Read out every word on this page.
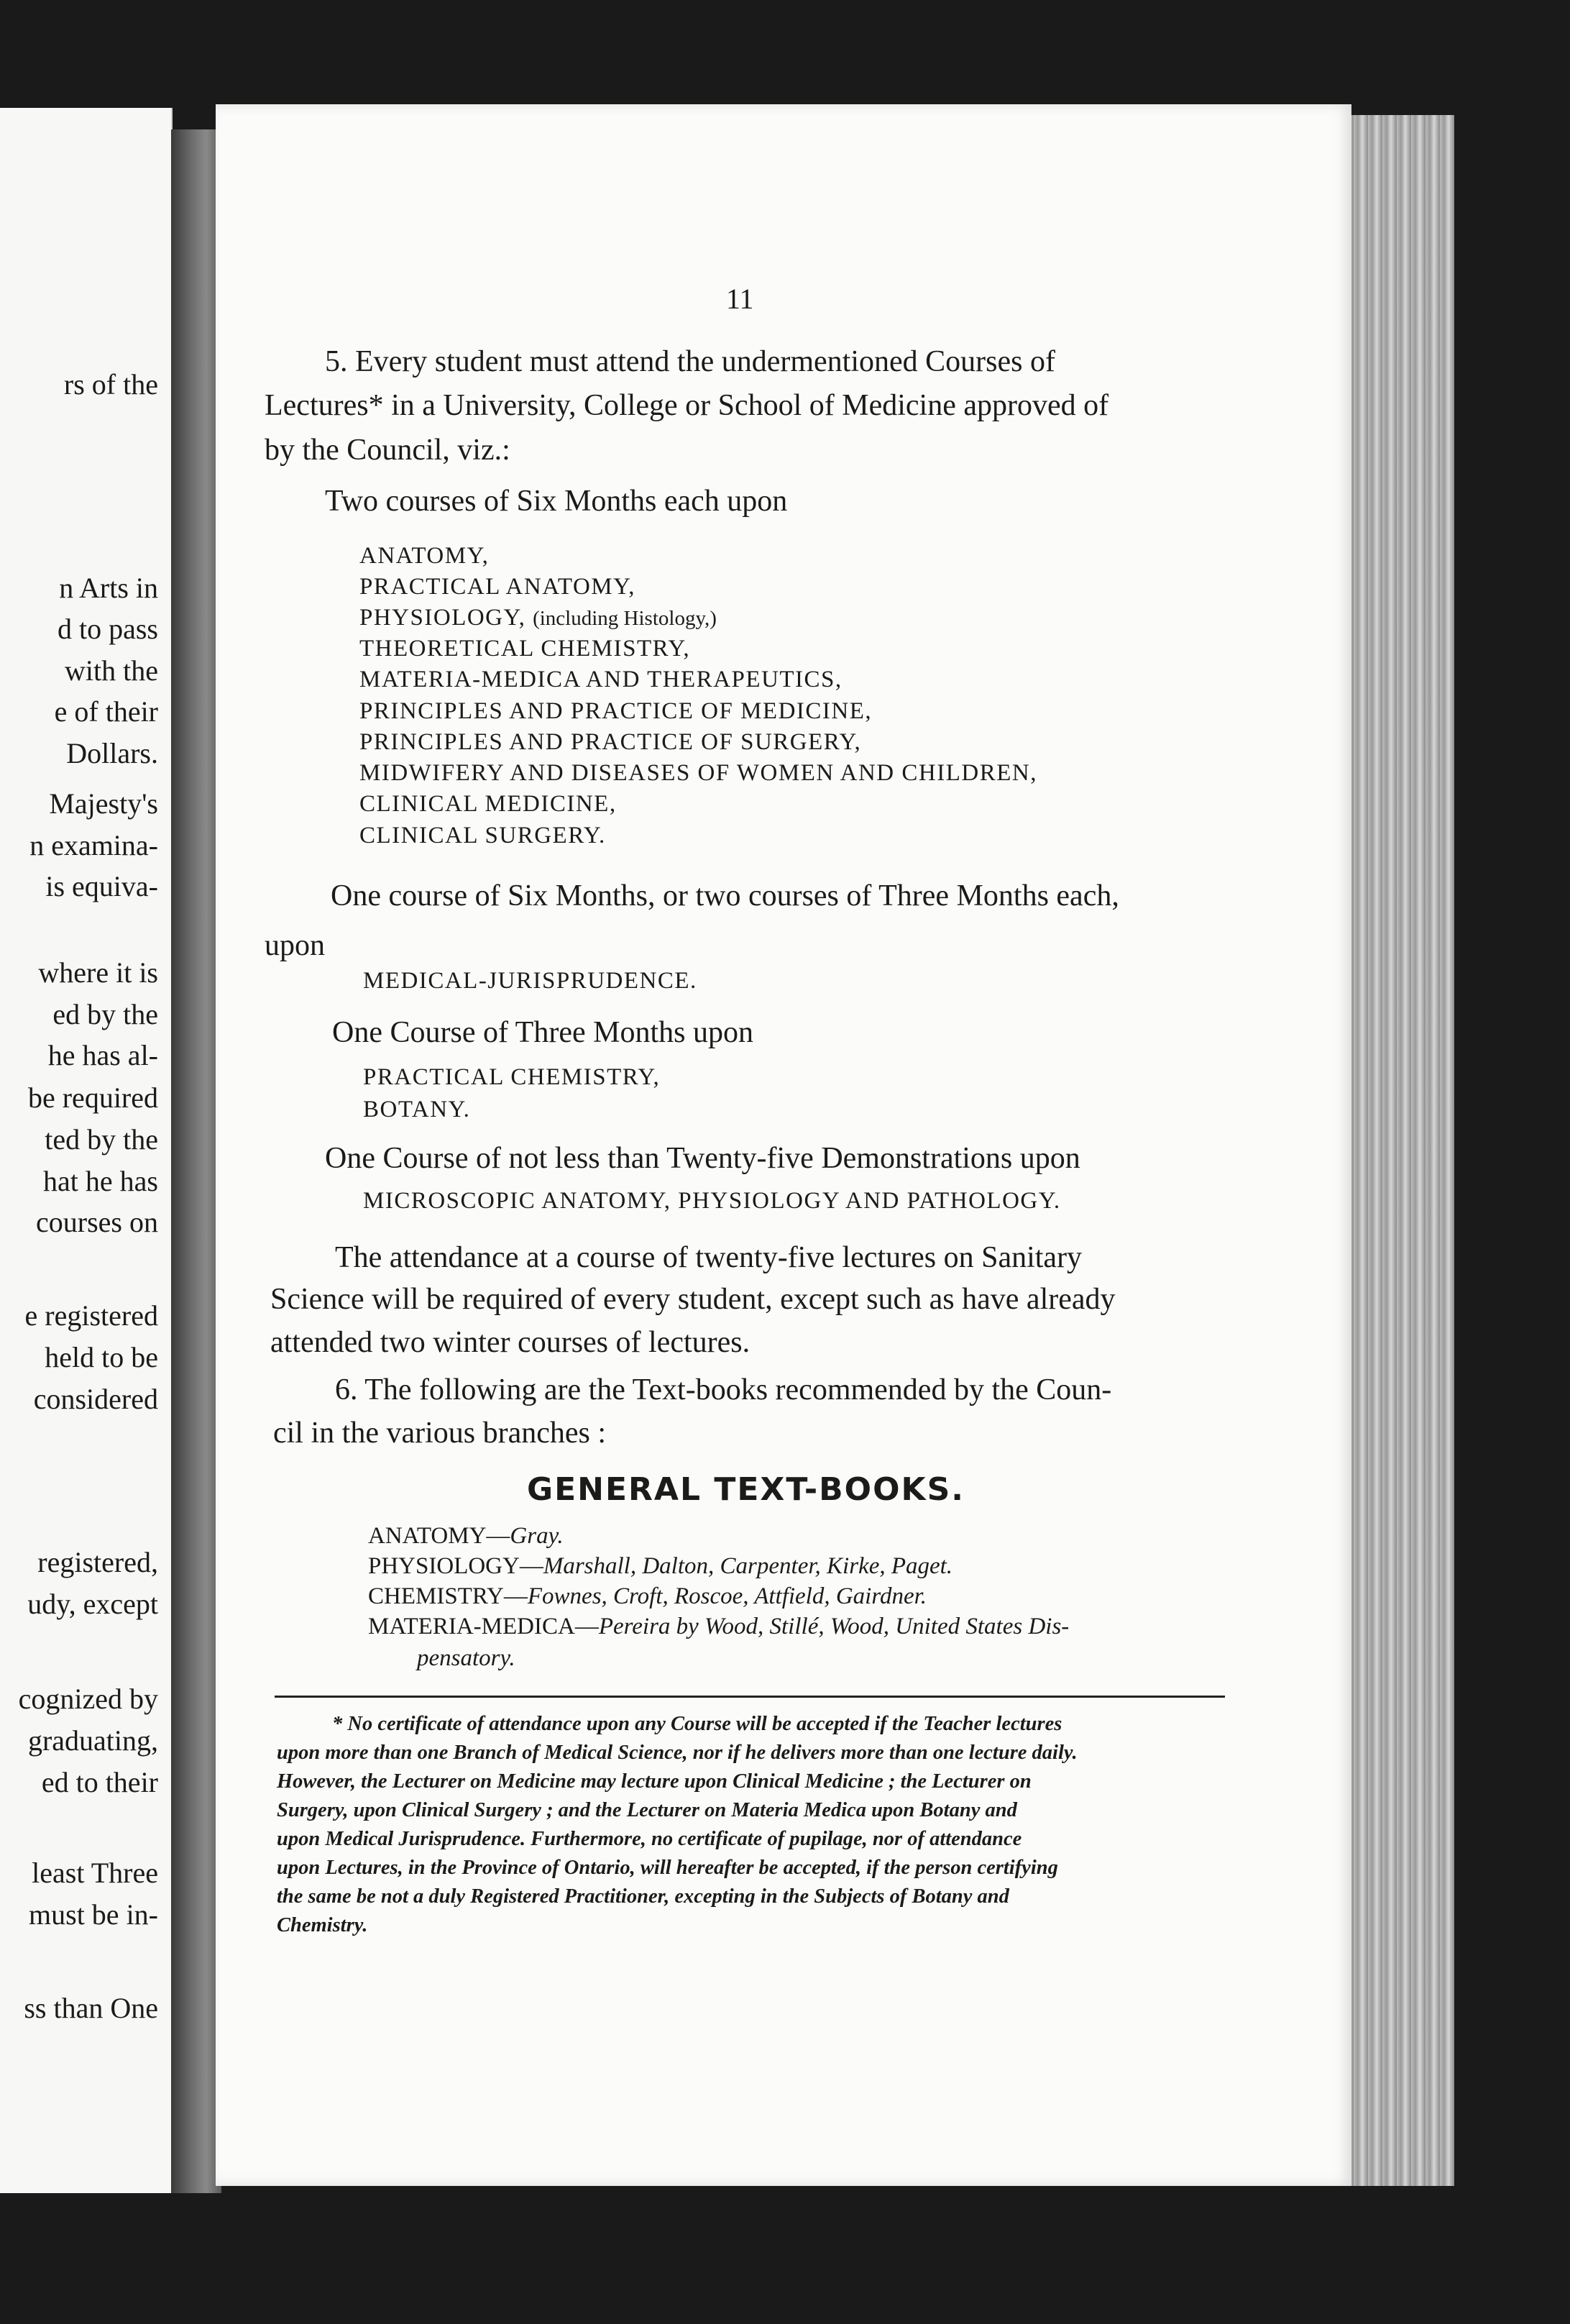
rs of the
n Arts in
d to pass
with the
e of their
Dollars.
Majesty's
n examina-
is equiva-
where it is
ed by the
he has al-
be required
ted by the
hat he has
courses on
e registered
held to be
considered
registered,
udy, except
cognized by
graduating,
ed to their
least Three
must be in-
ss than One
11
5. Every student must attend the undermentioned Courses of
Lectures* in a University, College or School of Medicine approved of
by the Council, viz.:
Two courses of Six Months each upon
ANATOMY,
PRACTICAL ANATOMY,
PHYSIOLOGY, (including Histology,)
THEORETICAL CHEMISTRY,
MATERIA-MEDICA AND THERAPEUTICS,
PRINCIPLES AND PRACTICE OF MEDICINE,
PRINCIPLES AND PRACTICE OF SURGERY,
MIDWIFERY AND DISEASES OF WOMEN AND CHILDREN,
CLINICAL MEDICINE,
CLINICAL SURGERY.
One course of Six Months, or two courses of Three Months each,
upon
MEDICAL-JURISPRUDENCE.
One Course of Three Months upon
PRACTICAL CHEMISTRY,
BOTANY.
One Course of not less than Twenty-five Demonstrations upon
MICROSCOPIC ANATOMY, PHYSIOLOGY AND PATHOLOGY.
The attendance at a course of twenty-five lectures on Sanitary
Science will be required of every student, except such as have already
attended two winter courses of lectures.
6. The following are the Text-books recommended by the Coun-
cil in the various branches :
GENERAL TEXT-BOOKS.
ANATOMY—Gray.
PHYSIOLOGY—Marshall, Dalton, Carpenter, Kirke, Paget.
CHEMISTRY—Fownes, Croft, Roscoe, Attfield, Gairdner.
MATERIA-MEDICA—Pereira by Wood, Stillé, Wood, United States Dis-
pensatory.
* No certificate of attendance upon any Course will be accepted if the Teacher lectures
upon more than one Branch of Medical Science, nor if he delivers more than one lecture daily.
However, the Lecturer on Medicine may lecture upon Clinical Medicine ; the Lecturer on
Surgery, upon Clinical Surgery ; and the Lecturer on Materia Medica upon Botany and
upon Medical Jurisprudence. Furthermore, no certificate of pupilage, nor of attendance
upon Lectures, in the Province of Ontario, will hereafter be accepted, if the person certifying
the same be not a duly Registered Practitioner, excepting in the Subjects of Botany and
Chemistry.
